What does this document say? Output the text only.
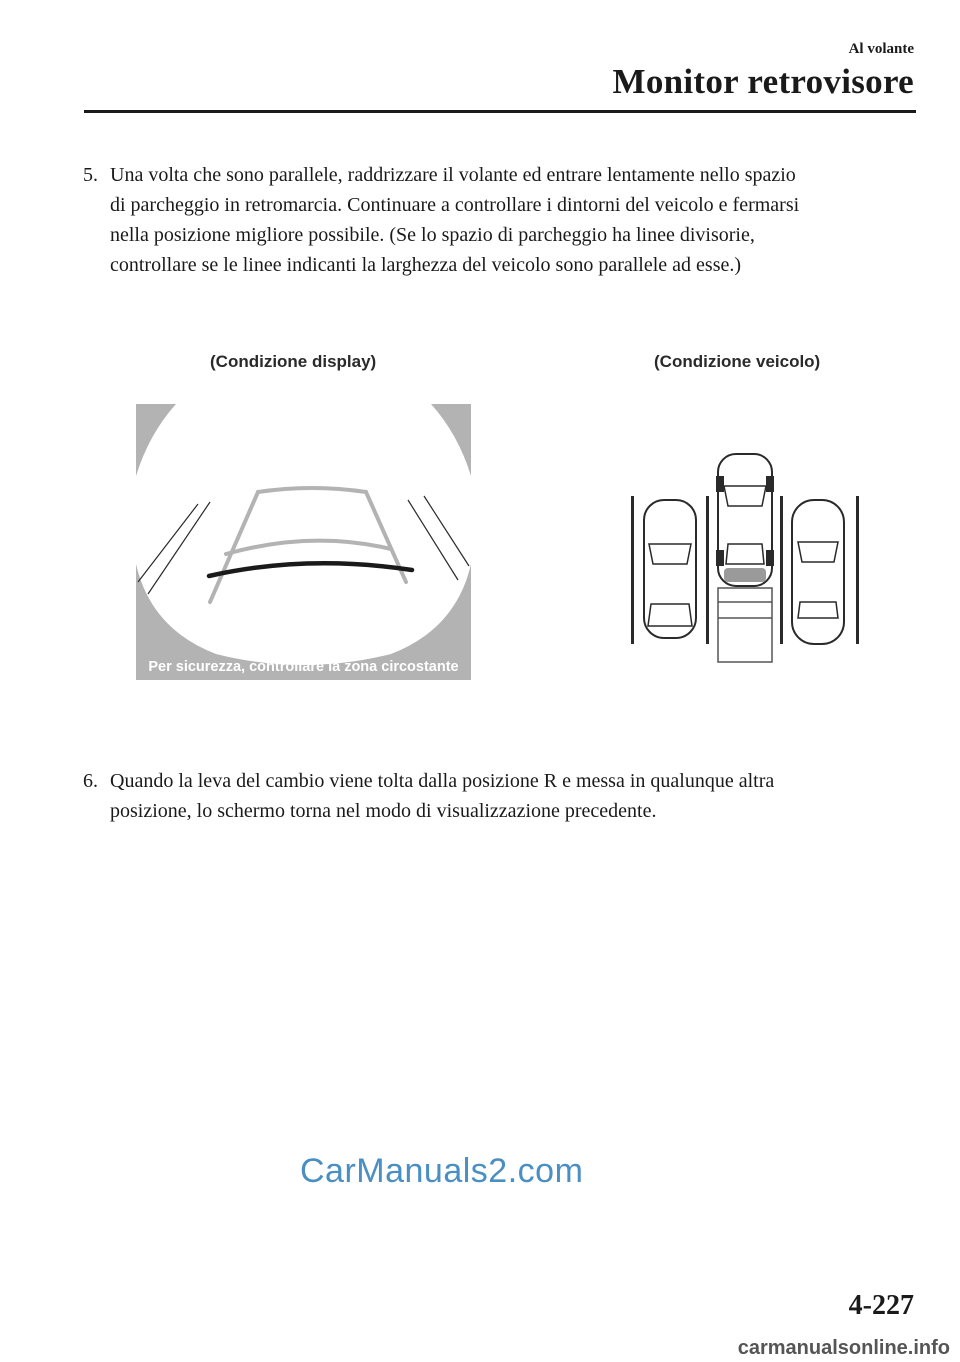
Al volante
Monitor retrovisore
5. Una volta che sono parallele, raddrizzare il volante ed entrare lentamente nello spazio
di parcheggio in retromarcia. Continuare a controllare i dintorni del veicolo e fermarsi
nella posizione migliore possibile. (Se lo spazio di parcheggio ha linee divisorie,
controllare se le linee indicanti la larghezza del veicolo sono parallele ad esse.)
(Condizione display)	(Condizione veicolo)
Per sicurezza, controllare la zona circostante
6. Quando la leva del cambio viene tolta dalla posizione R e messa in qualunque altra
posizione, lo schermo torna nel modo di visualizzazione precedente.
CarManuals2.com
4-227
carmanualsonline.info
